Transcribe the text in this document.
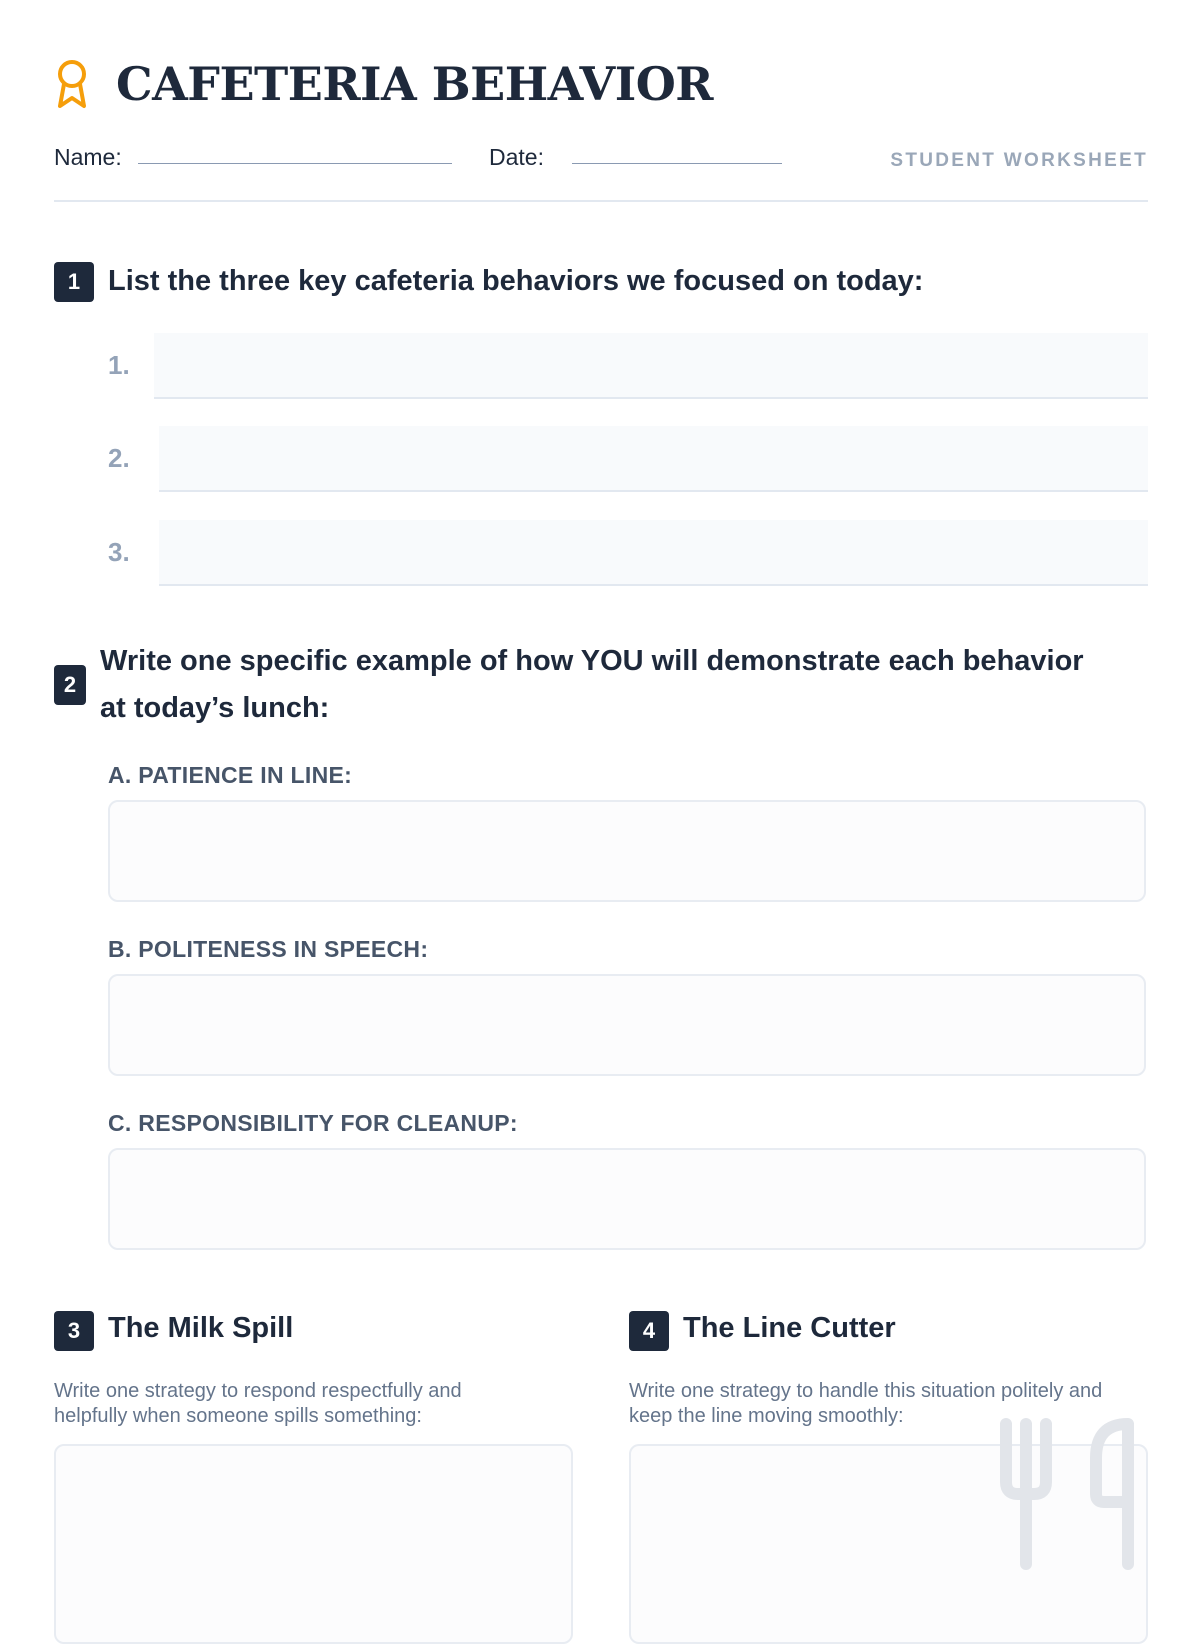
CAFETERIA BEHAVIOR
Name:	Date:	STUDENT WORKSHEET
1 List the three key cafeteria behaviors we focused on today:
1.
2.
3.
2
Write one specific example of how YOU will demonstrate each behavior
at today’s lunch:
A. PATIENCE IN LINE:
B. POLITENESS IN SPEECH:
C. RESPONSIBILITY FOR CLEANUP:
3 The Milk Spill
Write one strategy to respond respectfully and
helpfully when someone spills something:
4 The Line Cutter
Write one strategy to handle this situation politely and
keep the line moving smoothly:
